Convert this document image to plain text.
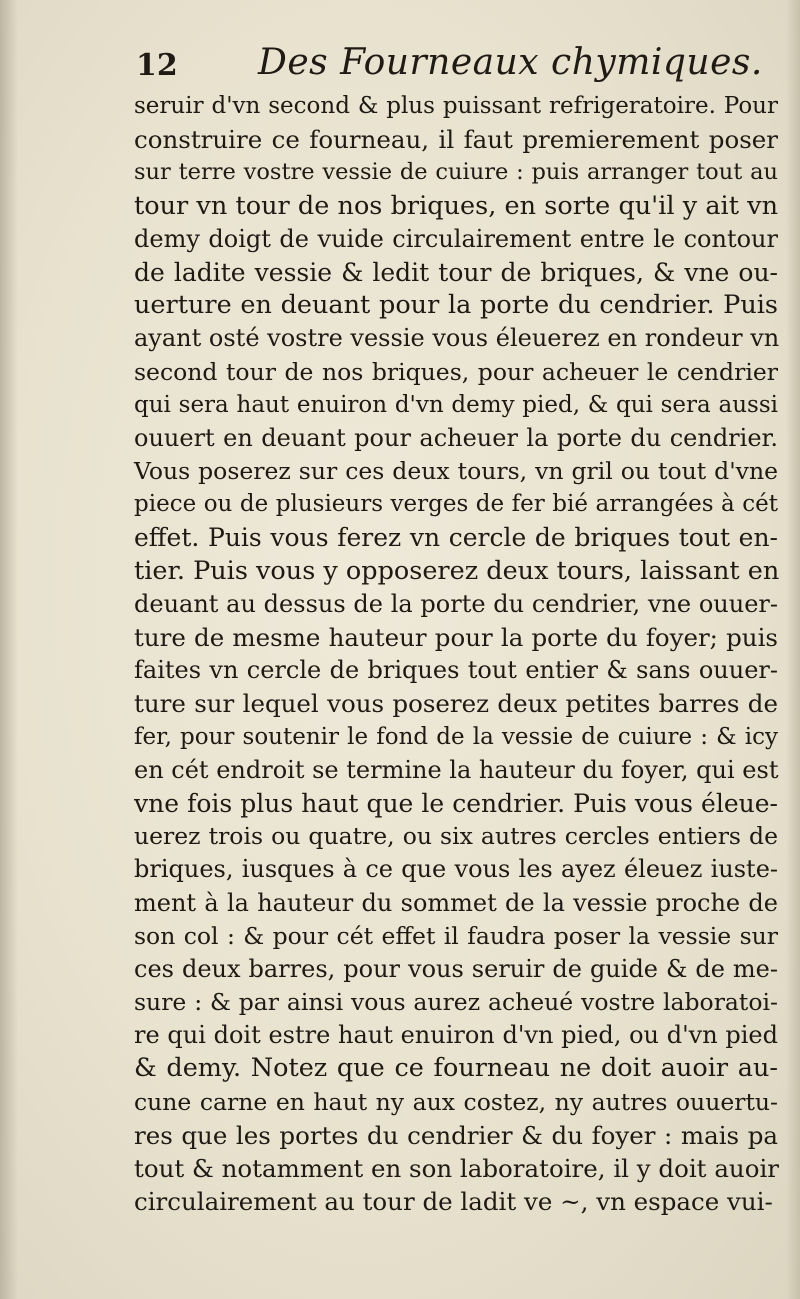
12 Des Fourneaux chymiques.
seruir d'vn second & plus puissant refrigeratoire. Pour
construire ce fourneau, il faut premierement poser
sur terre vostre vessie de cuiure : puis arranger tout au
tour vn tour de nos briques, en sorte qu'il y ait vn
demy doigt de vuide circulairement entre le contour
de ladite vessie & ledit tour de briques, & vne ou-
uerture en deuant pour la porte du cendrier. Puis
ayant osté vostre vessie vous éleuerez en rondeur vn
second tour de nos briques, pour acheuer le cendrier
qui sera haut enuiron d'vn demy pied, & qui sera aussi
ouuert en deuant pour acheuer la porte du cendrier.
Vous poserez sur ces deux tours, vn gril ou tout d'vne
piece ou de plusieurs verges de fer bié arrangées à cét
effet. Puis vous ferez vn cercle de briques tout en-
tier. Puis vous y opposerez deux tours, laissant en
deuant au dessus de la porte du cendrier, vne ouuer-
ture de mesme hauteur pour la porte du foyer; puis
faites vn cercle de briques tout entier & sans ouuer-
ture sur lequel vous poserez deux petites barres de
fer, pour soutenir le fond de la vessie de cuiure : & icy
en cét endroit se termine la hauteur du foyer, qui est
vne fois plus haut que le cendrier. Puis vous éleue-
uerez trois ou quatre, ou six autres cercles entiers de
briques, iusques à ce que vous les ayez éleuez iuste-
ment à la hauteur du sommet de la vessie proche de
son col : & pour cét effet il faudra poser la vessie sur
ces deux barres, pour vous seruir de guide & de me-
sure : & par ainsi vous aurez acheué vostre laboratoi-
re qui doit estre haut enuiron d'vn pied, ou d'vn pied
& demy. Notez que ce fourneau ne doit auoir au-
cune carne en haut ny aux costez, ny autres ouuertu-
res que les portes du cendrier & du foyer : mais pa
tout & notamment en son laboratoire, il y doit auoir
circulairement au tour de ladit ve ~, vn espace vui-
